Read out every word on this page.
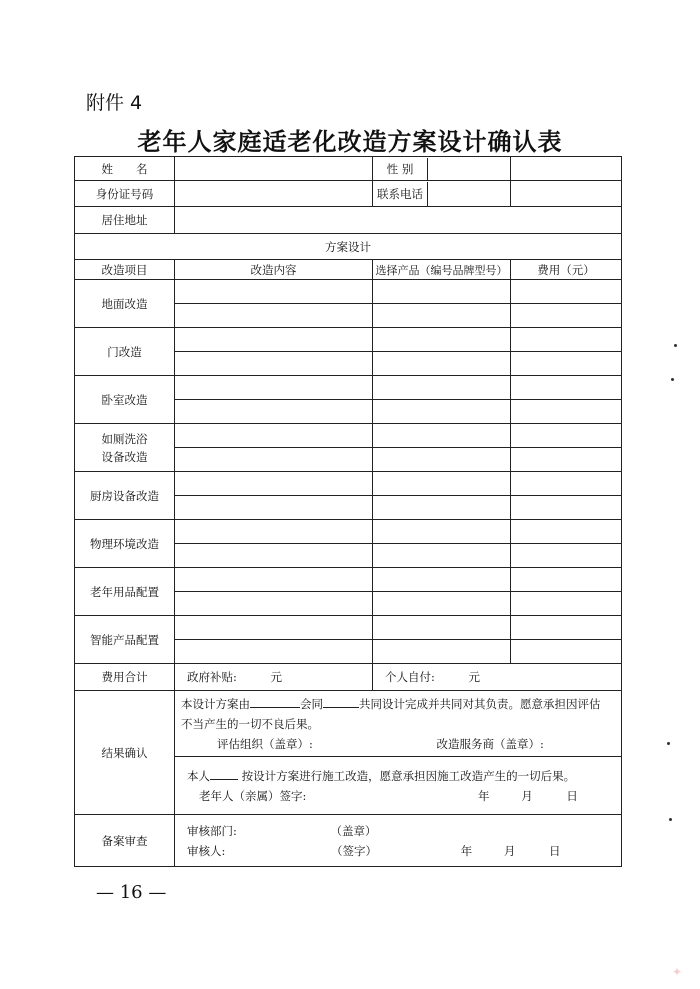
附件 4
老年人家庭适老化改造方案设计确认表
姓　　名		性 别	

身份证号码		联系电话	

居住地址			
方案设计			
改造项目	改造内容	选择产品（编号品牌型号）	费用（元）
地面改造			

门改造			

卧室改造			

如厕洗浴设备改造			

厨房设备改造			

物理环境改造			

老年用品配置			

智能产品配置			

费用合计	政府补贴: 元	个人自付: 元	
结果确认	本设计方案由 会同 共同设计完成并共同对其负责。愿意承担因评估
不当产生的一切不良后果。
评估组织（盖章）: 改造服务商（盖章）:		

	本人 按设计方案进行施工改造，愿意承担因施工改造产生的一切后果。
老年人（亲属）签字: 年 月 日		

备案审查	审核部门: （盖章）
审核人: （签字） 年 月 日		
— 16 —
✦
